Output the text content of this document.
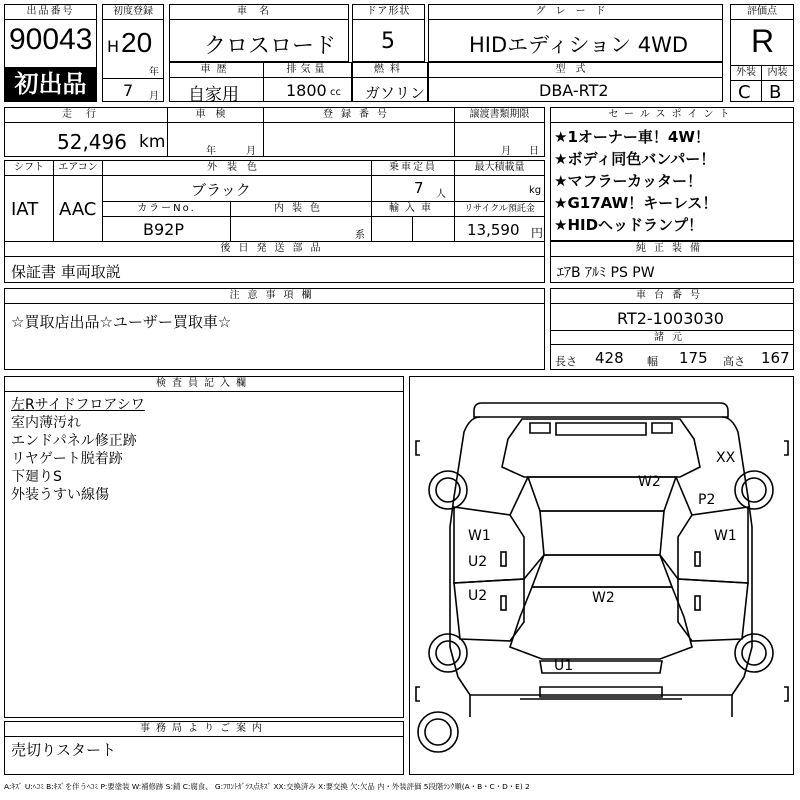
出品番号
90043
初出品
初度登録
H 20
年
7 月
車名
クロスロード
ドア形状
5
グレード
HIDエディション 4WD
評価点
R
外装	内装
C B
車歴
自家用
排気量
1800 cc
燃料
ガソリン
型式
DBA-RT2
走行
52,496 km
車検
年	月
登録番号	譲渡書類期限
月 日
シフト
IAT
エアコン
AAC
外装色
ブラック
乗車定員
7 人
最大積載量
kg
カラーNo.
B92P
内装色
系
輸入車	リサイクル預託金
13,590 円
後日発送部品
保証書 車両取説
セールスポイント
★1オーナー車！4W！
★ボディ同色バンパー！
★マフラーカッター！
★G17AW！キーレス！
★HIDヘッドランプ！
純正装備
ｴｱB ｱﾙﾐ PS PW
注意事項欄
☆買取店出品☆ユーザー買取車☆
車台番号
RT2-1003030
諸元
長さ 428 幅 175 高さ 167
検査員記入欄
左Rサイドフロアシワ
室内薄汚れ
エンドパネル修正跡
リヤゲート脱着跡
下廻りS
外装うすい線傷
事務局よりご案内
売切りスタート
W2
XX
P2
W1	W1
U2
U2	W2
U1
A:ｷｽﾞ U:ﾍｺﾐ B:ｷｽﾞを伴うﾍｺﾐ P:要塗装 W:補修跡 S:錆 C:腐食、 G:ﾌﾛﾝﾄｶﾞﾗｽ点ｷｽﾞ XX:交換済み X:要交換 欠:欠品 内・外装評価 5段階ﾗﾝｸ順(A・B・C・D・E) 2
